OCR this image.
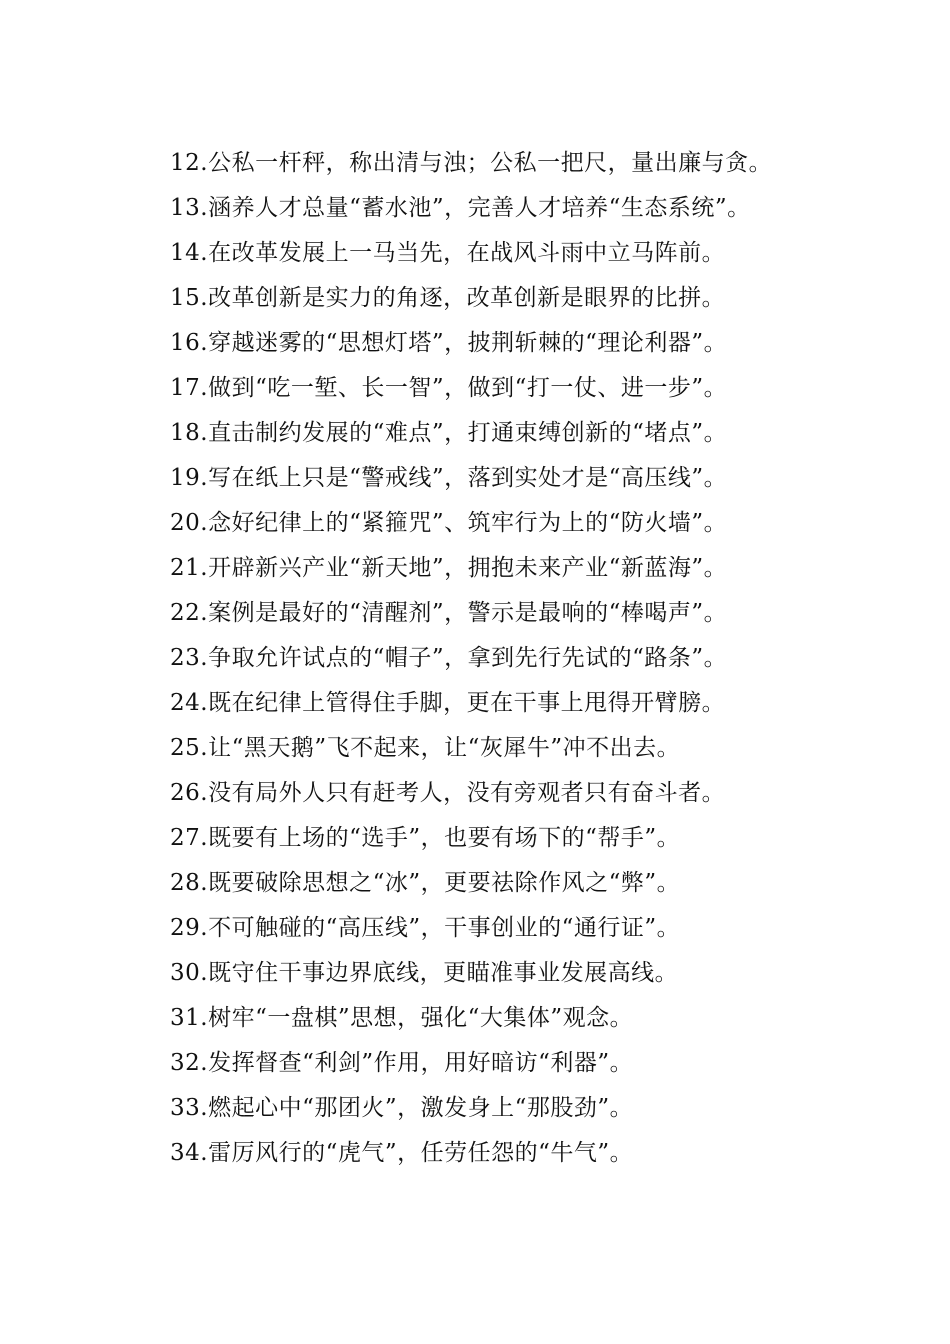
12.公私一杆秤，称出清与浊；公私一把尺，量出廉与贪。
13.涵养人才总量“蓄水池”，完善人才培养“生态系统”。
14.在改革发展上一马当先，在战风斗雨中立马阵前。
15.改革创新是实力的角逐，改革创新是眼界的比拼。
16.穿越迷雾的“思想灯塔”，披荆斩棘的“理论利器”。
17.做到“吃一堑、长一智”，做到“打一仗、进一步”。
18.直击制约发展的“难点”，打通束缚创新的“堵点”。
19.写在纸上只是“警戒线”，落到实处才是“高压线”。
20.念好纪律上的“紧箍咒”、筑牢行为上的“防火墙”。
21.开辟新兴产业“新天地”，拥抱未来产业“新蓝海”。
22.案例是最好的“清醒剂”，警示是最响的“棒喝声”。
23.争取允许试点的“帽子”，拿到先行先试的“路条”。
24.既在纪律上管得住手脚，更在干事上甩得开臂膀。
25.让“黑天鹅”飞不起来，让“灰犀牛”冲不出去。
26.没有局外人只有赶考人，没有旁观者只有奋斗者。
27.既要有上场的“选手”，也要有场下的“帮手”。
28.既要破除思想之“冰”，更要祛除作风之“弊”。
29.不可触碰的“高压线”，干事创业的“通行证”。
30.既守住干事边界底线，更瞄准事业发展高线。
31.树牢“一盘棋”思想，强化“大集体”观念。
32.发挥督查“利剑”作用，用好暗访“利器”。
33.燃起心中“那团火”，激发身上“那股劲”。
34.雷厉风行的“虎气”，任劳任怨的“牛气”。
